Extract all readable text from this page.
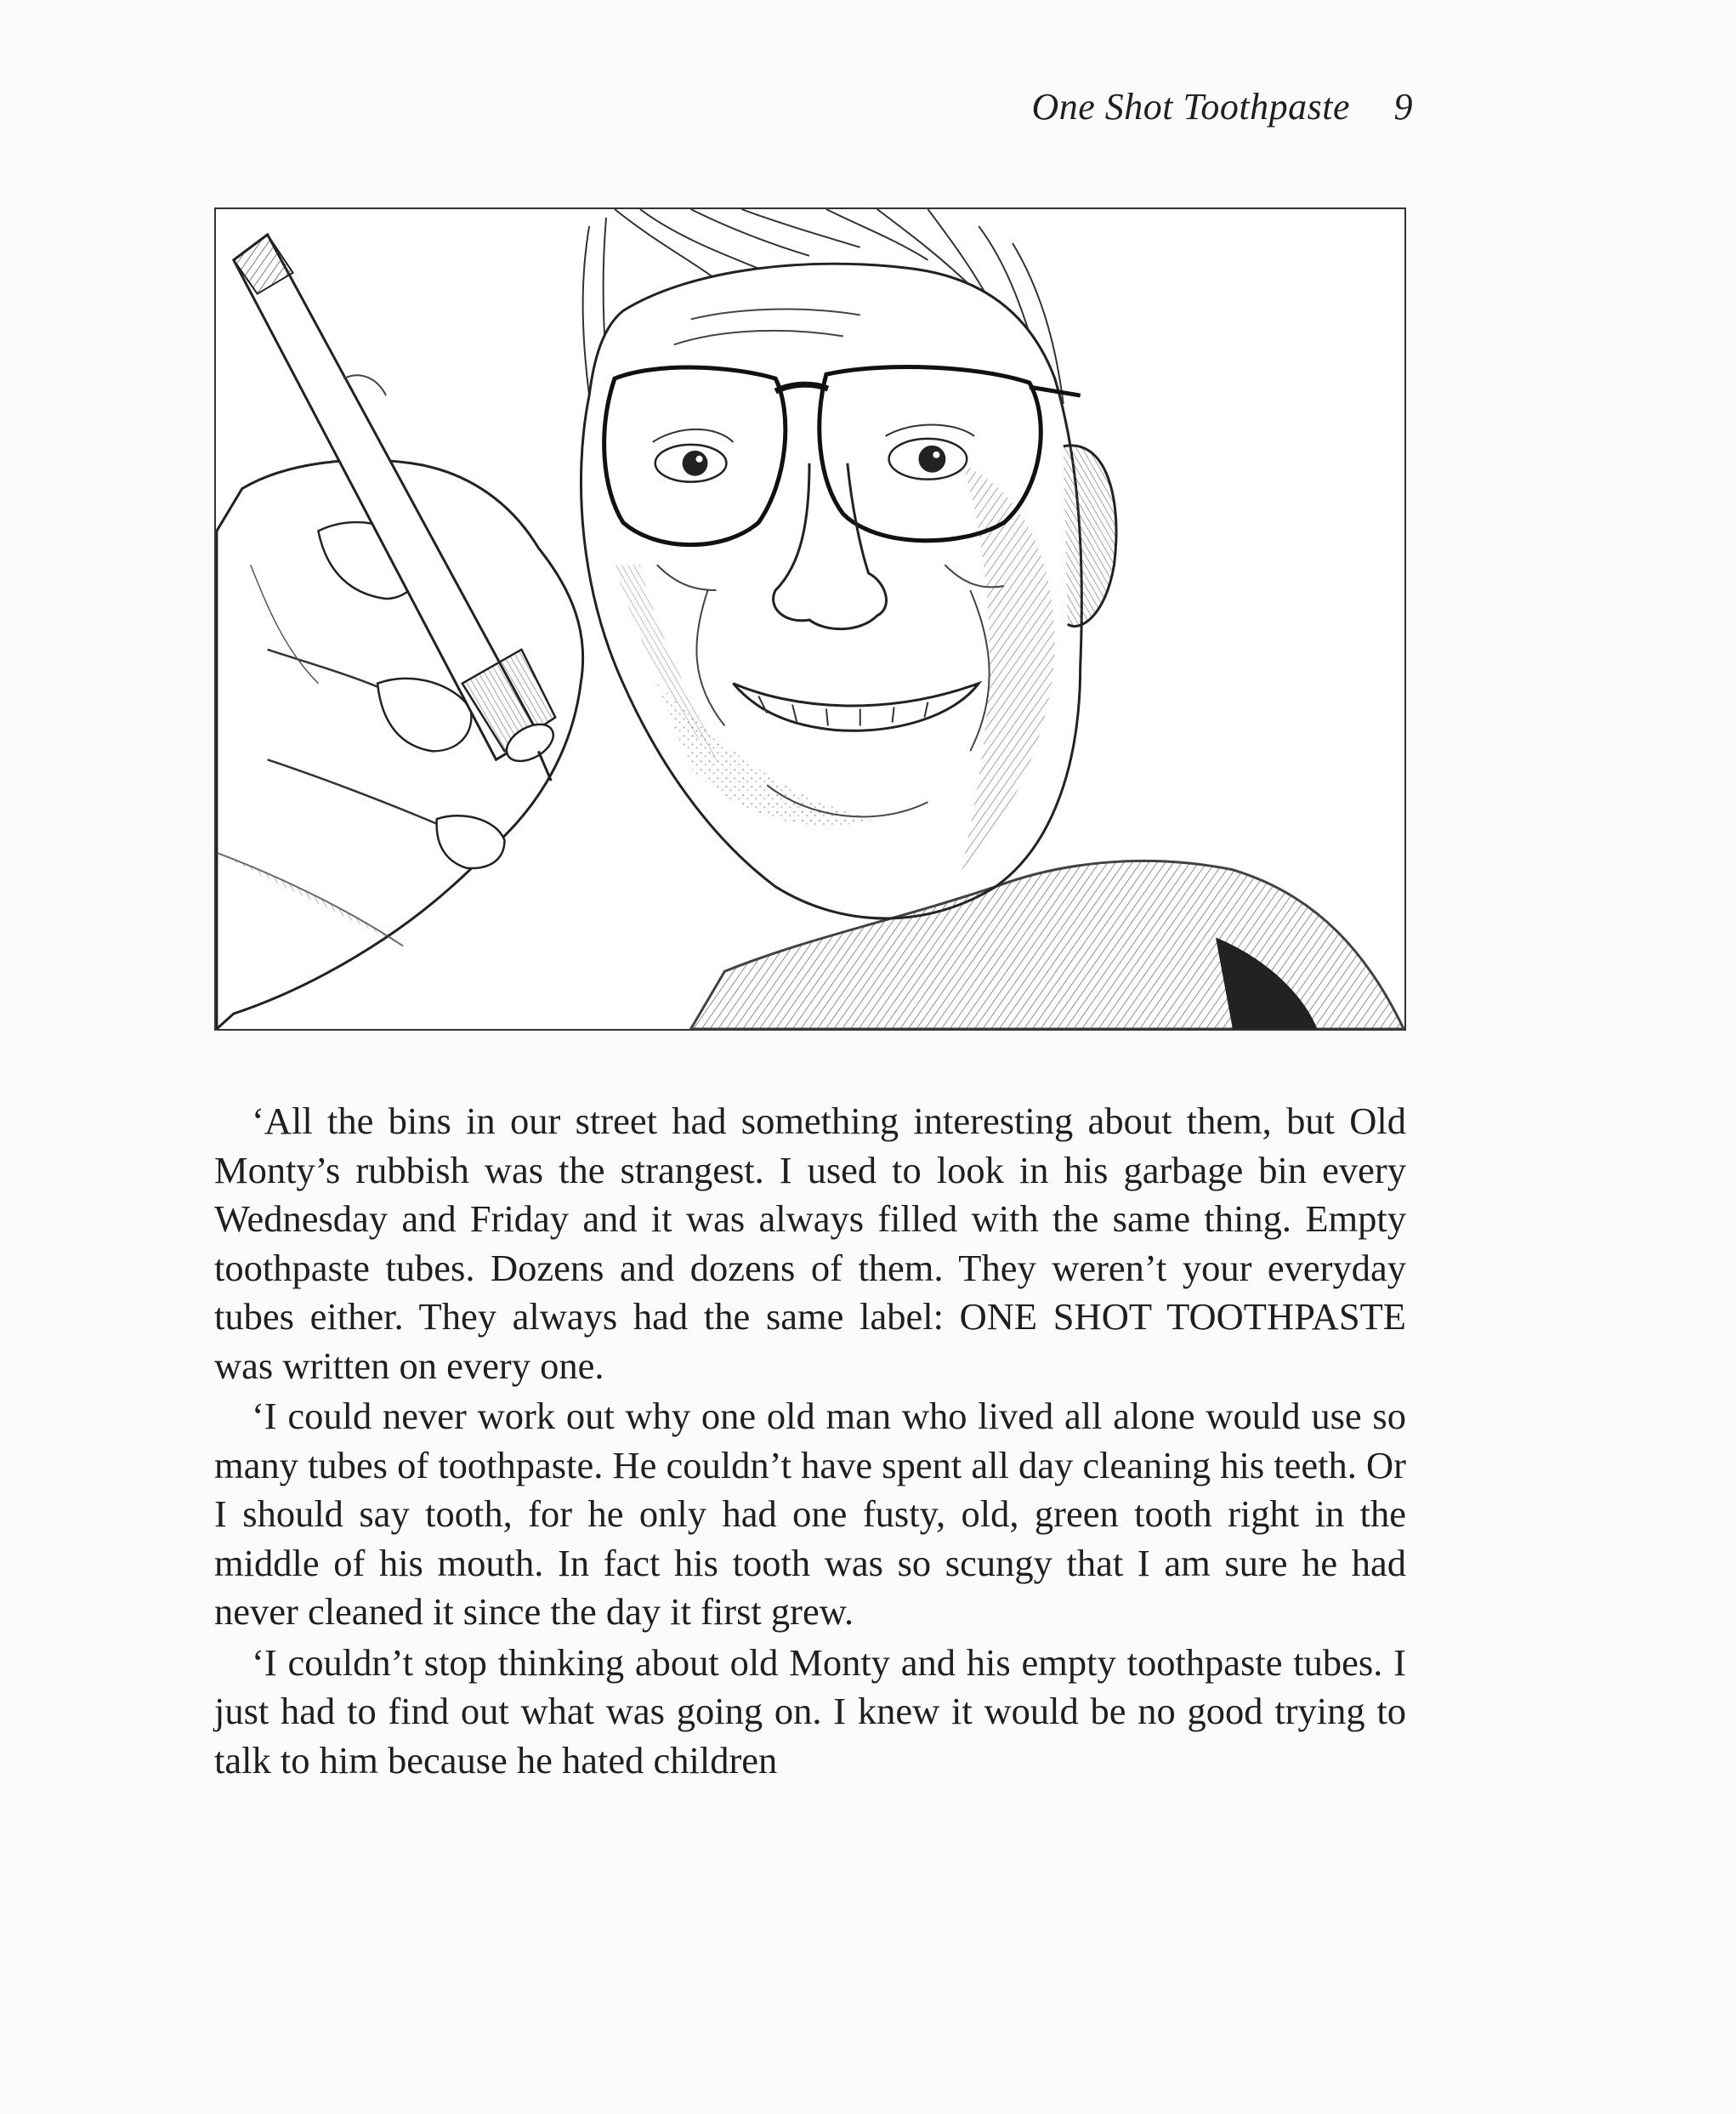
One Shot Toothpaste 9

‘All the bins in our street had something interesting about them, but Old Monty’s rubbish was the strangest. I used to look in his garbage bin every Wednesday and Friday and it was always filled with the same thing. Empty toothpaste tubes. Dozens and dozens of them. They weren’t your everyday tubes either. They always had the same label: ONE SHOT TOOTHPASTE was written on every one.

‘I could never work out why one old man who lived all alone would use so many tubes of toothpaste. He couldn’t have spent all day cleaning his teeth. Or I should say tooth, for he only had one fusty, old, green tooth right in the middle of his mouth. In fact his tooth was so scungy that I am sure he had never cleaned it since the day it first grew.

‘I couldn’t stop thinking about old Monty and his empty toothpaste tubes. I just had to find out what was going on. I knew it would be no good trying to talk to him because he hated children
